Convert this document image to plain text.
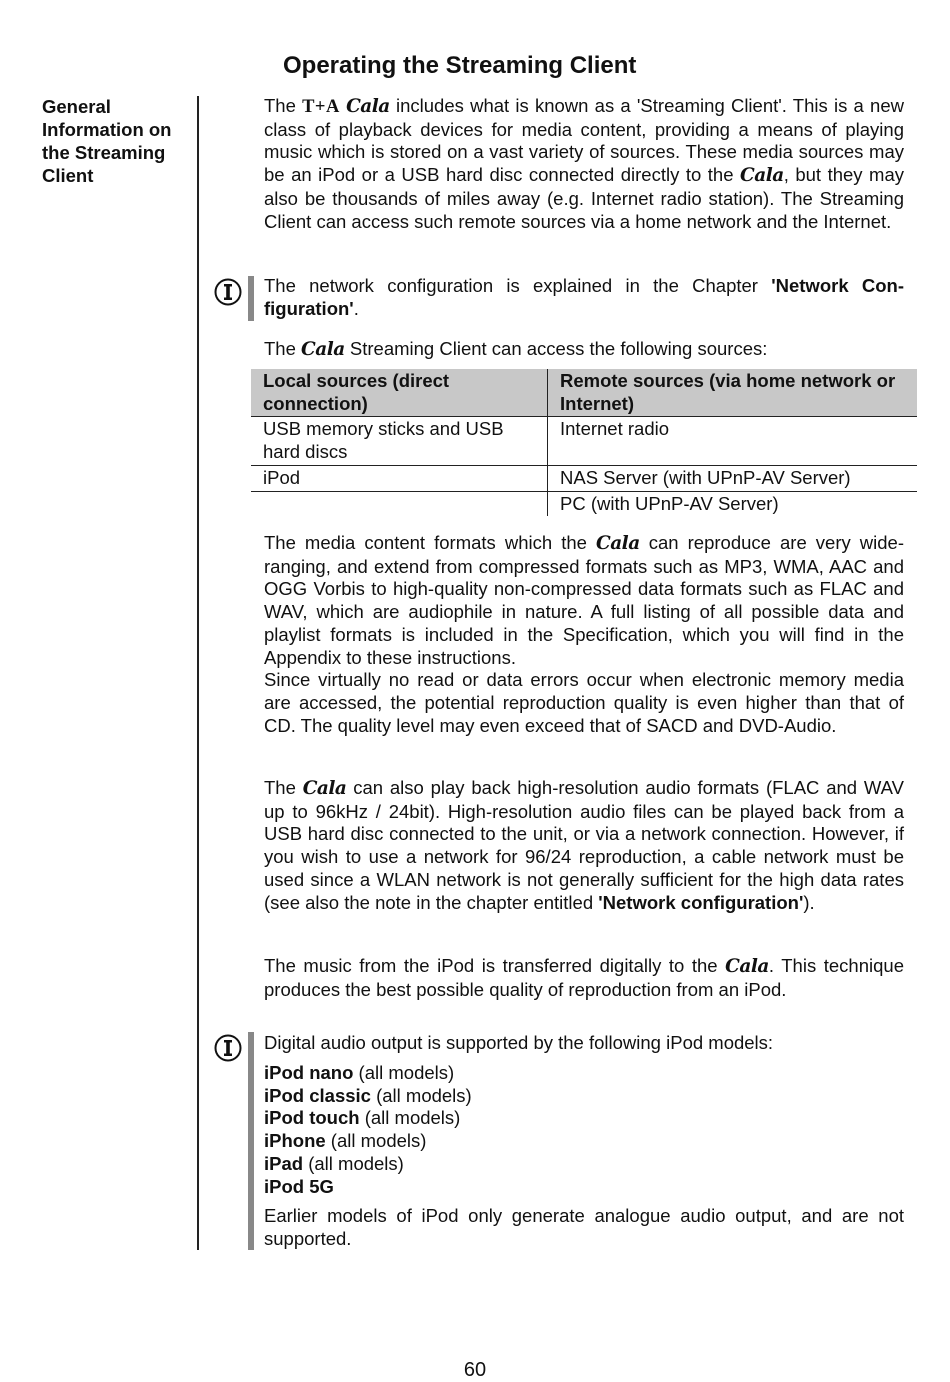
Operating the Streaming Client
General Information on the Streaming Client

The T+A Cala includes what is known as a 'Streaming Client'. This is a new class of playback devices for media content, providing a means of playing music which is stored on a vast variety of sources. These media sources may be an iPod or a USB hard disc connected directly to the Cala, but they may also be thousands of miles away (e.g. Internet radio station). The Streaming Client can access such remote sources via a home network and the Internet.

The network configuration is explained in the Chapter 'Network Con-figuration'.

The Cala Streaming Client can access the following sources:

Local sources (direct connection)	Remote sources (via home network or Internet)
USB memory sticks and USB hard discs	Internet radio
iPod	NAS Server (with UPnP-AV Server)
	PC (with UPnP-AV Server)

The media content formats which the Cala can reproduce are very wide-ranging, and extend from compressed formats such as MP3, WMA, AAC and OGG Vorbis to high-quality non-compressed data formats such as FLAC and WAV, which are audiophile in nature. A full listing of all possible data and playlist formats is included in the Specification, which you will find in the Appendix to these instructions.
Since virtually no read or data errors occur when electronic memory media are accessed, the potential reproduction quality is even higher than that of CD. The quality level may even exceed that of SACD and DVD-Audio.

The Cala can also play back high-resolution audio formats (FLAC and WAV up to 96kHz / 24bit). High-resolution audio files can be played back from a USB hard disc connected to the unit, or via a network connection. However, if you wish to use a network for 96/24 reproduction, a cable network must be used since a WLAN network is not generally sufficient for the high data rates (see also the note in the chapter entitled 'Network configuration').

The music from the iPod is transferred digitally to the Cala. This technique produces the best possible quality of reproduction from an iPod.

Digital audio output is supported by the following iPod models:

iPod nano (all models)
iPod classic (all models)
iPod touch (all models)
iPhone (all models)
iPad (all models)
iPod 5G

Earlier models of iPod only generate analogue audio output, and are not supported.

60
